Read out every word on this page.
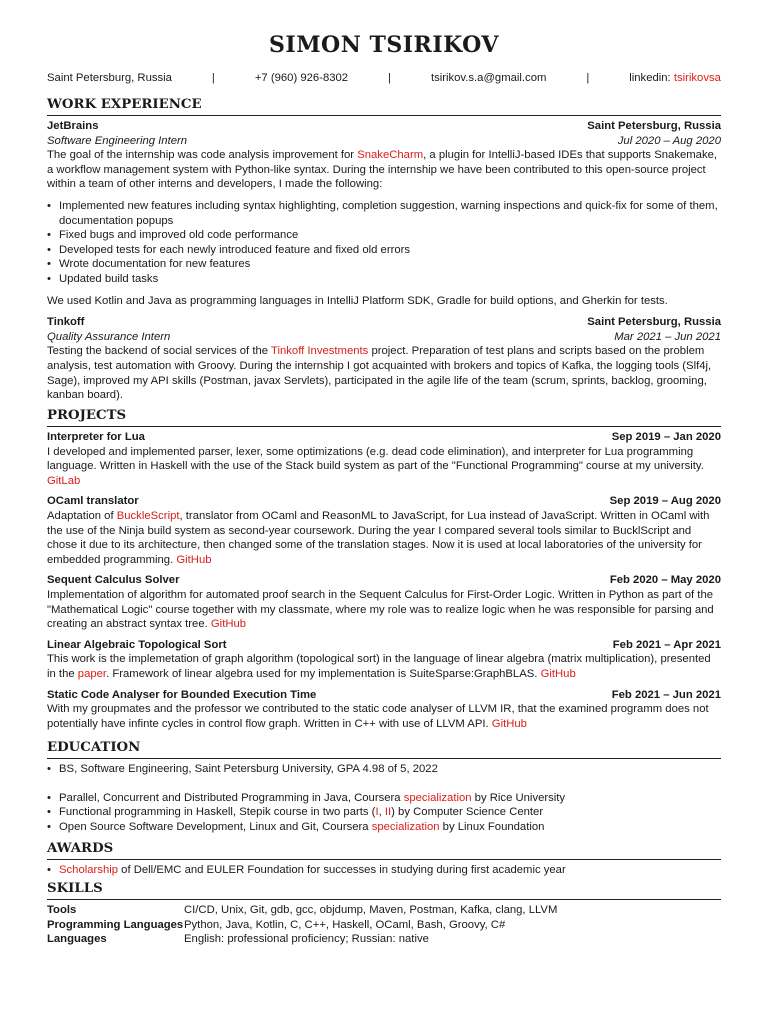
SIMON TSIRIKOV
Saint Petersburg, Russia	|	+7 (960) 926-8302	|	tsirikov.s.a@gmail.com	|	linkedin: tsirikovsa
WORK EXPERIENCE
JetBrains	Saint Petersburg, Russia
Software Engineering Intern	Jul 2020 – Aug 2020

The goal of the internship was code analysis improvement for SnakeCharm, a plugin for IntelliJ-based IDEs that supports Snakemake, a workflow management system with Python-like syntax. During the internship we have been contributed to this open-source project within a team of other interns and developers, I made the following:

• Implemented new features including syntax highlighting, completion suggestion, warning inspections and quick-fix for some of them, documentation popups
• Fixed bugs and improved old code performance
• Developed tests for each newly introduced feature and fixed old errors
• Wrote documentation for new features
• Updated build tasks

We used Kotlin and Java as programming languages in IntelliJ Platform SDK, Gradle for build options, and Gherkin for tests.

Tinkoff	Saint Petersburg, Russia
Quality Assurance Intern	Mar 2021 – Jun 2021

Testing the backend of social services of the Tinkoff Investments project. Preparation of test plans and scripts based on the problem analysis, test automation with Groovy. During the internship I got acquainted with brokers and topics of Kafka, the logging tools (Slf4j, Sage), improved my API skills (Postman, javax Servlets), participated in the agile life of the team (scrum, sprints, backlog, grooming, kanban board).

PROJECTS
Interpreter for Lua	Sep 2019 – Jan 2020

I developed and implemented parser, lexer, some optimizations (e.g. dead code elimination), and interpreter for Lua programming language. Written in Haskell with the use of the Stack build system as part of the "Functional Programming" course at my university. GitLab

OCaml translator	Sep 2019 – Aug 2020

Adaptation of BuckleScript, translator from OCaml and ReasonML to JavaScript, for Lua instead of JavaScript. Written in OCaml with the use of the Ninja build system as second-year coursework. During the year I compared several tools similar to BucklScript and chose it due to its architecture, then changed some of the translation stages. Now it is used at local laboratories of the university for embedded programming. GitHub

Sequent Calculus Solver	Feb 2020 – May 2020

Implementation of algorithm for automated proof search in the Sequent Calculus for First-Order Logic. Written in Python as part of the "Mathematical Logic" course together with my classmate, where my role was to realize logic when he was responsible for parsing and creating an abstract syntax tree. GitHub

Linear Algebraic Topological Sort	Feb 2021 – Apr 2021

This work is the implemetation of graph algorithm (topological sort) in the language of linear algebra (matrix multiplication), presented in the paper. Framework of linear algebra used for my implementation is SuiteSparse:GraphBLAS. GitHub

Static Code Analyser for Bounded Execution Time	Feb 2021 – Jun 2021

With my groupmates and the professor we contributed to the static code analyser of LLVM IR, that the examined programm does not potentially have infinte cycles in control flow graph. Written in C++ with use of LLVM API. GitHub

EDUCATION
• BS, Software Engineering, Saint Petersburg University, GPA 4.98 of 5, 2022
• Parallel, Concurrent and Distributed Programming in Java, Coursera specialization by Rice University
• Functional programming in Haskell, Stepik course in two parts (I, II) by Computer Science Center
• Open Source Software Development, Linux and Git, Coursera specialization by Linux Foundation
AWARDS
• Scholarship of Dell/EMC and EULER Foundation for successes in studying during first academic year
SKILLS
Tools	CI/CD, Unix, Git, gdb, gcc, objdump, Maven, Postman, Kafka, clang, LLVM
Programming Languages	Python, Java, Kotlin, C, C++, Haskell, OCaml, Bash, Groovy, C#
Languages	English: professional proficiency; Russian: native
